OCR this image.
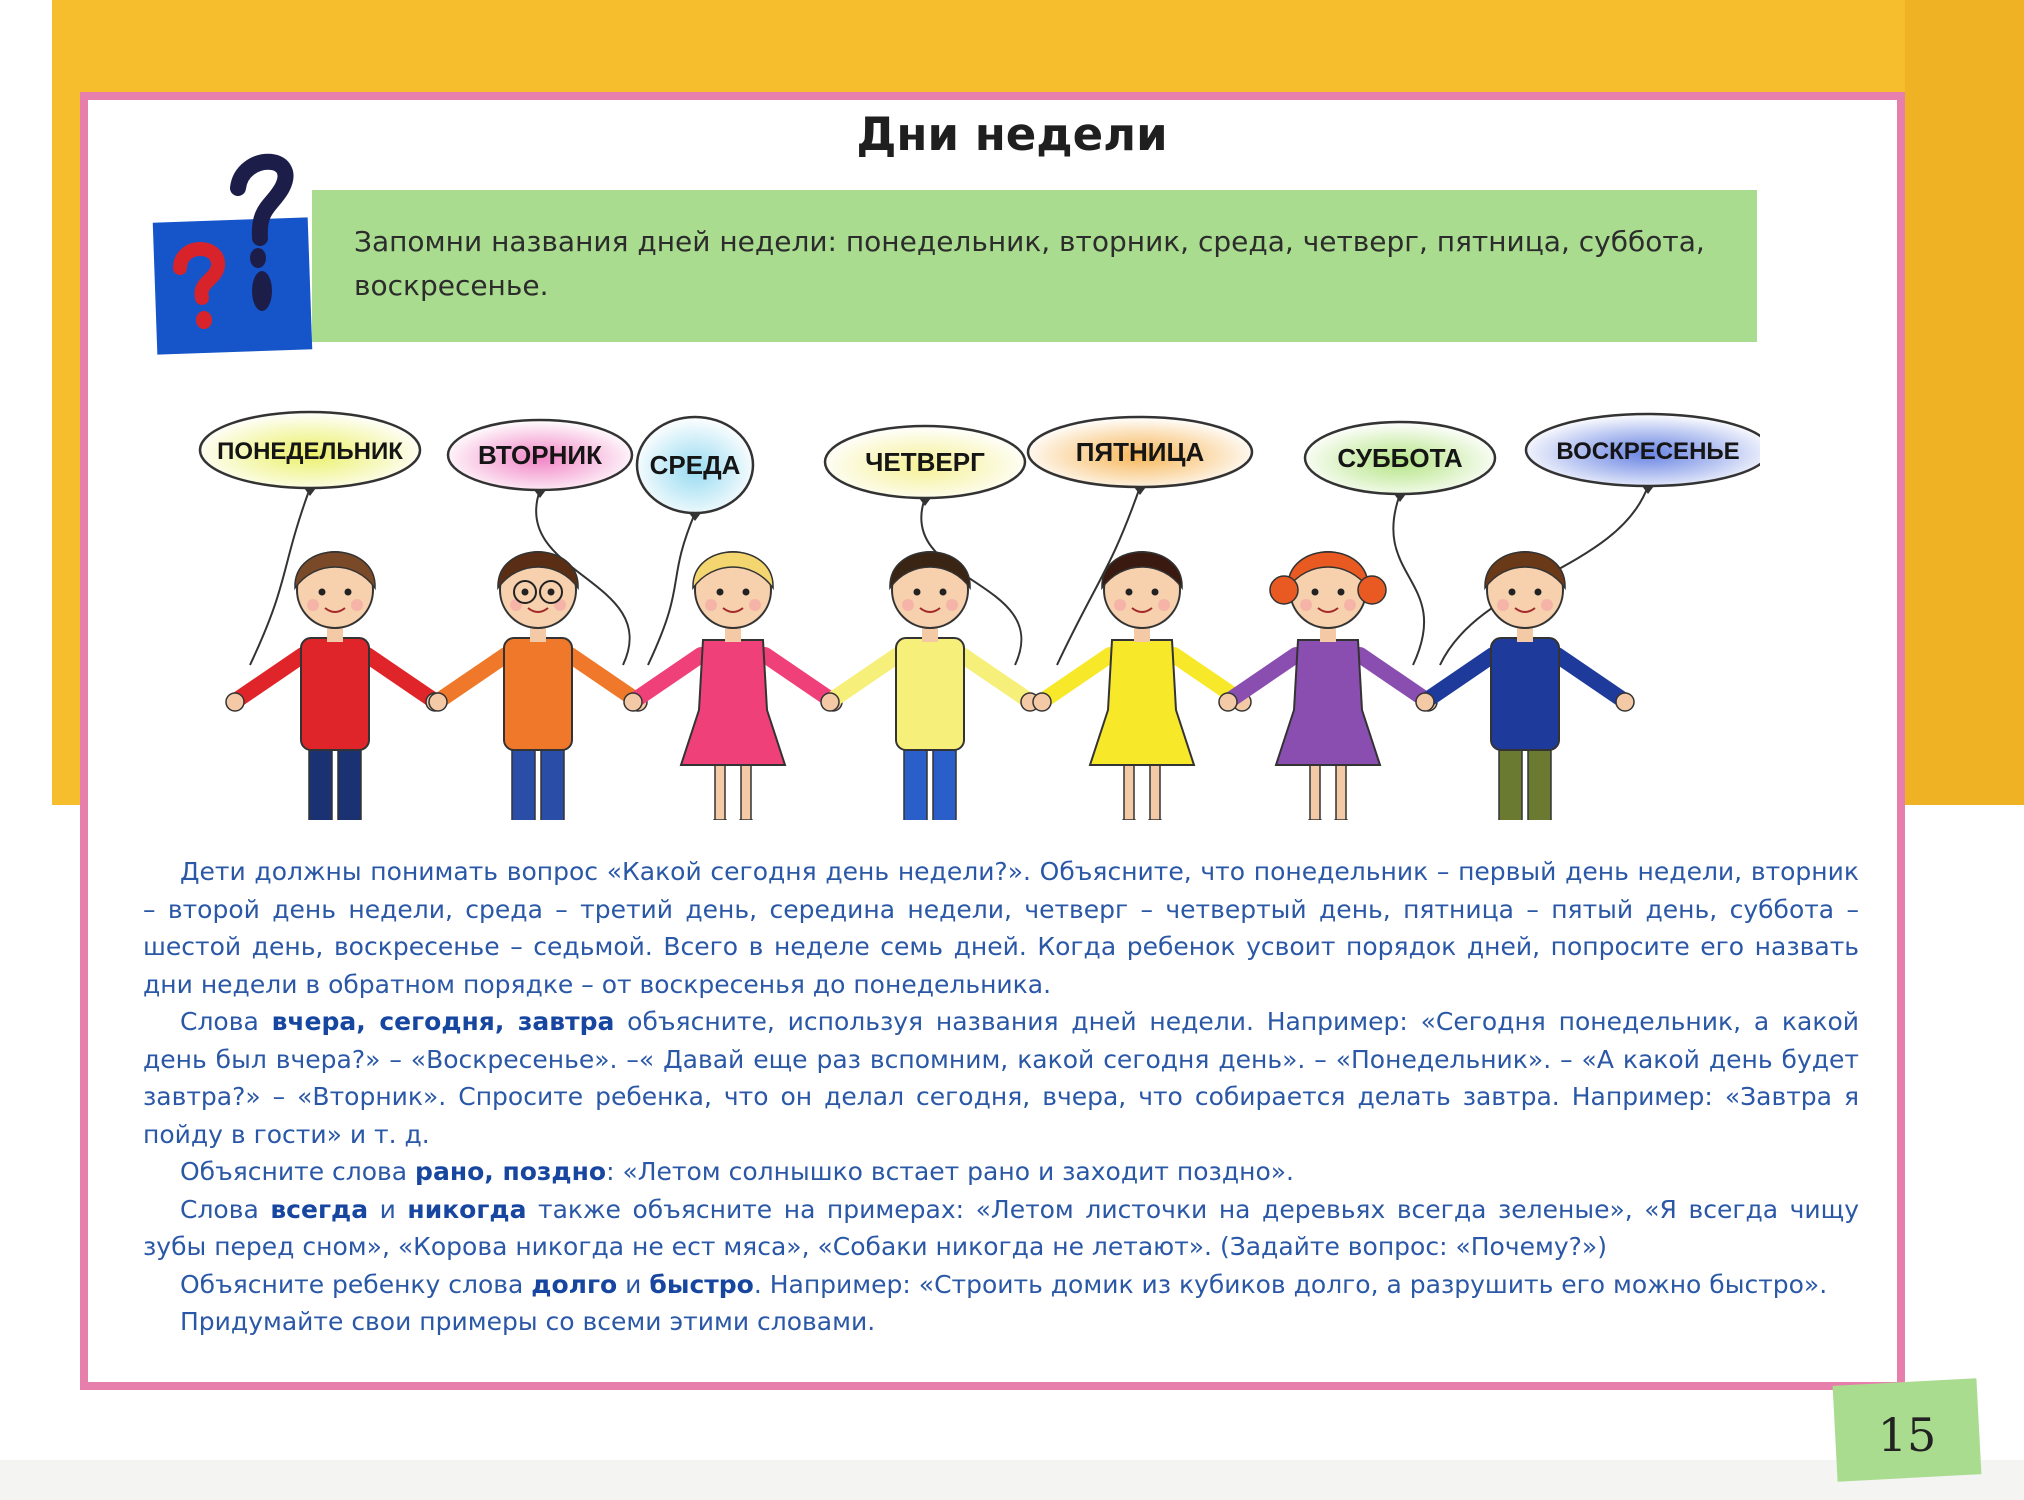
Дни недели
Запомни названия дней недели: понедельник, вторник, среда, четверг, пятница, суббота, воскресенье.
ПОНЕДЕЛЬНИК	ВТОРНИК СРЕДА	ЧЕТВЕРГ	ПЯТНИЦА	СУББОТА	ВОСКРЕСЕНЬЕ

Дети должны понимать вопрос «Какой сегодня день недели?». Объясните, что понедельник – первый день недели, вторник – второй день недели, среда – третий день, середина недели, четверг – четвертый день, пятница – пятый день, суббота – шестой день, воскресенье – седьмой. Всего в неделе семь дней. Когда ребенок усвоит порядок дней, попросите его назвать дни недели в обратном порядке – от воскресенья до понедельника.

Слова вчера, сегодня, завтра объясните, используя названия дней недели. Например: «Сегодня понедельник, а какой день был вчера?» – «Воскресенье». –« Давай еще раз вспомним, какой сегодня день». – «Понедельник». – «А какой день будет завтра?» – «Вторник». Спросите ребенка, что он делал сегодня, вчера, что собирается делать завтра. Например: «Завтра я пойду в гости» и т. д.

Объясните слова рано, поздно: «Летом солнышко встает рано и заходит поздно».

Слова всегда и никогда также объясните на примерах: «Летом листочки на деревьях всегда зеленые», «Я всегда чищу зубы перед сном», «Корова никогда не ест мяса», «Собаки никогда не летают». (Задайте вопрос: «Почему?»)

Объясните ребенку слова долго и быстро. Например: «Строить домик из кубиков долго, а разрушить его можно быстро».

Придумайте свои примеры со всеми этими словами.

15
